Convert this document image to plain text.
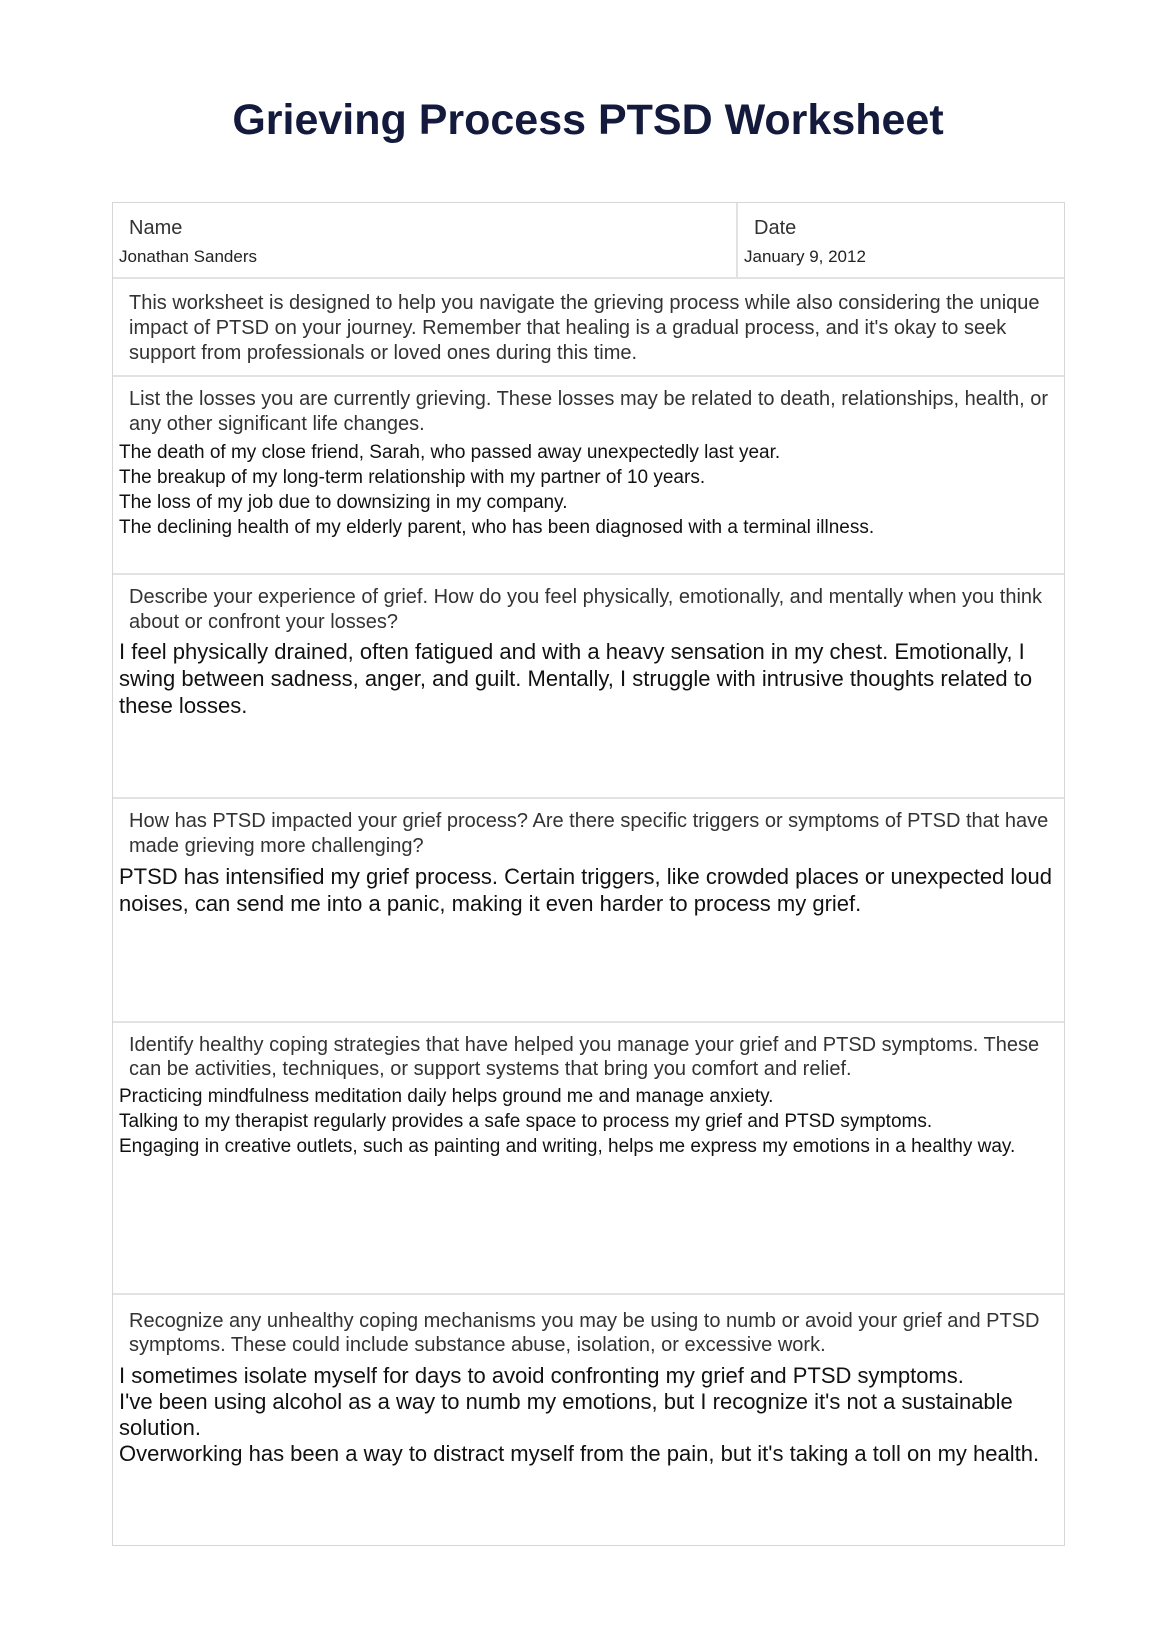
Grieving Process PTSD Worksheet
Name
Jonathan Sanders
Date
January 9, 2012
This worksheet is designed to help you navigate the grieving process while also considering the unique impact of PTSD on your journey. Remember that healing is a gradual process, and it's okay to seek support from professionals or loved ones during this time.
List the losses you are currently grieving. These losses may be related to death, relationships, health, or any other significant life changes.
The death of my close friend, Sarah, who passed away unexpectedly last year.
The breakup of my long-term relationship with my partner of 10 years.
The loss of my job due to downsizing in my company.
The declining health of my elderly parent, who has been diagnosed with a terminal illness.
Describe your experience of grief. How do you feel physically, emotionally, and mentally when you think about or confront your losses?
I feel physically drained, often fatigued and with a heavy sensation in my chest. Emotionally, I swing between sadness, anger, and guilt. Mentally, I struggle with intrusive thoughts related to these losses.
How has PTSD impacted your grief process? Are there specific triggers or symptoms of PTSD that have made grieving more challenging?
PTSD has intensified my grief process. Certain triggers, like crowded places or unexpected loud noises, can send me into a panic, making it even harder to process my grief.
Identify healthy coping strategies that have helped you manage your grief and PTSD symptoms. These can be activities, techniques, or support systems that bring you comfort and relief.
Practicing mindfulness meditation daily helps ground me and manage anxiety.
Talking to my therapist regularly provides a safe space to process my grief and PTSD symptoms.
Engaging in creative outlets, such as painting and writing, helps me express my emotions in a healthy way.
Recognize any unhealthy coping mechanisms you may be using to numb or avoid your grief and PTSD symptoms. These could include substance abuse, isolation, or excessive work.
I sometimes isolate myself for days to avoid confronting my grief and PTSD symptoms.
I've been using alcohol as a way to numb my emotions, but I recognize it's not a sustainable solution.
Overworking has been a way to distract myself from the pain, but it's taking a toll on my health.
